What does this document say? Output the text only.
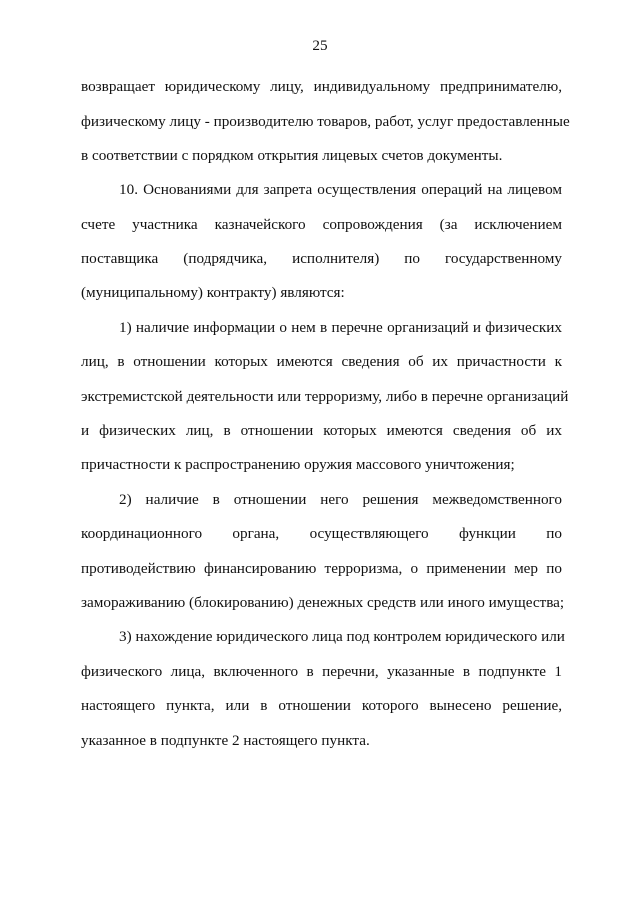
25
возвращает юридическому лицу, индивидуальному предпринимателю,
физическому лицу - производителю товаров, работ, услуг предоставленные
в соответствии с порядком открытия лицевых счетов документы.
10. Основаниями для запрета осуществления операций на лицевом
счете участника казначейского сопровождения (за исключением
поставщика (подрядчика, исполнителя) по государственному
(муниципальному) контракту) являются:
1) наличие информации о нем в перечне организаций и физических
лиц, в отношении которых имеются сведения об их причастности к
экстремистской деятельности или терроризму, либо в перечне организаций
и физических лиц, в отношении которых имеются сведения об их
причастности к распространению оружия массового уничтожения;
2) наличие в отношении него решения межведомственного
координационного органа, осуществляющего функции по
противодействию финансированию терроризма, о применении мер по
замораживанию (блокированию) денежных средств или иного имущества;
3) нахождение юридического лица под контролем юридического или
физического лица, включенного в перечни, указанные в подпункте 1
настоящего пункта, или в отношении которого вынесено решение,
указанное в подпункте 2 настоящего пункта.
